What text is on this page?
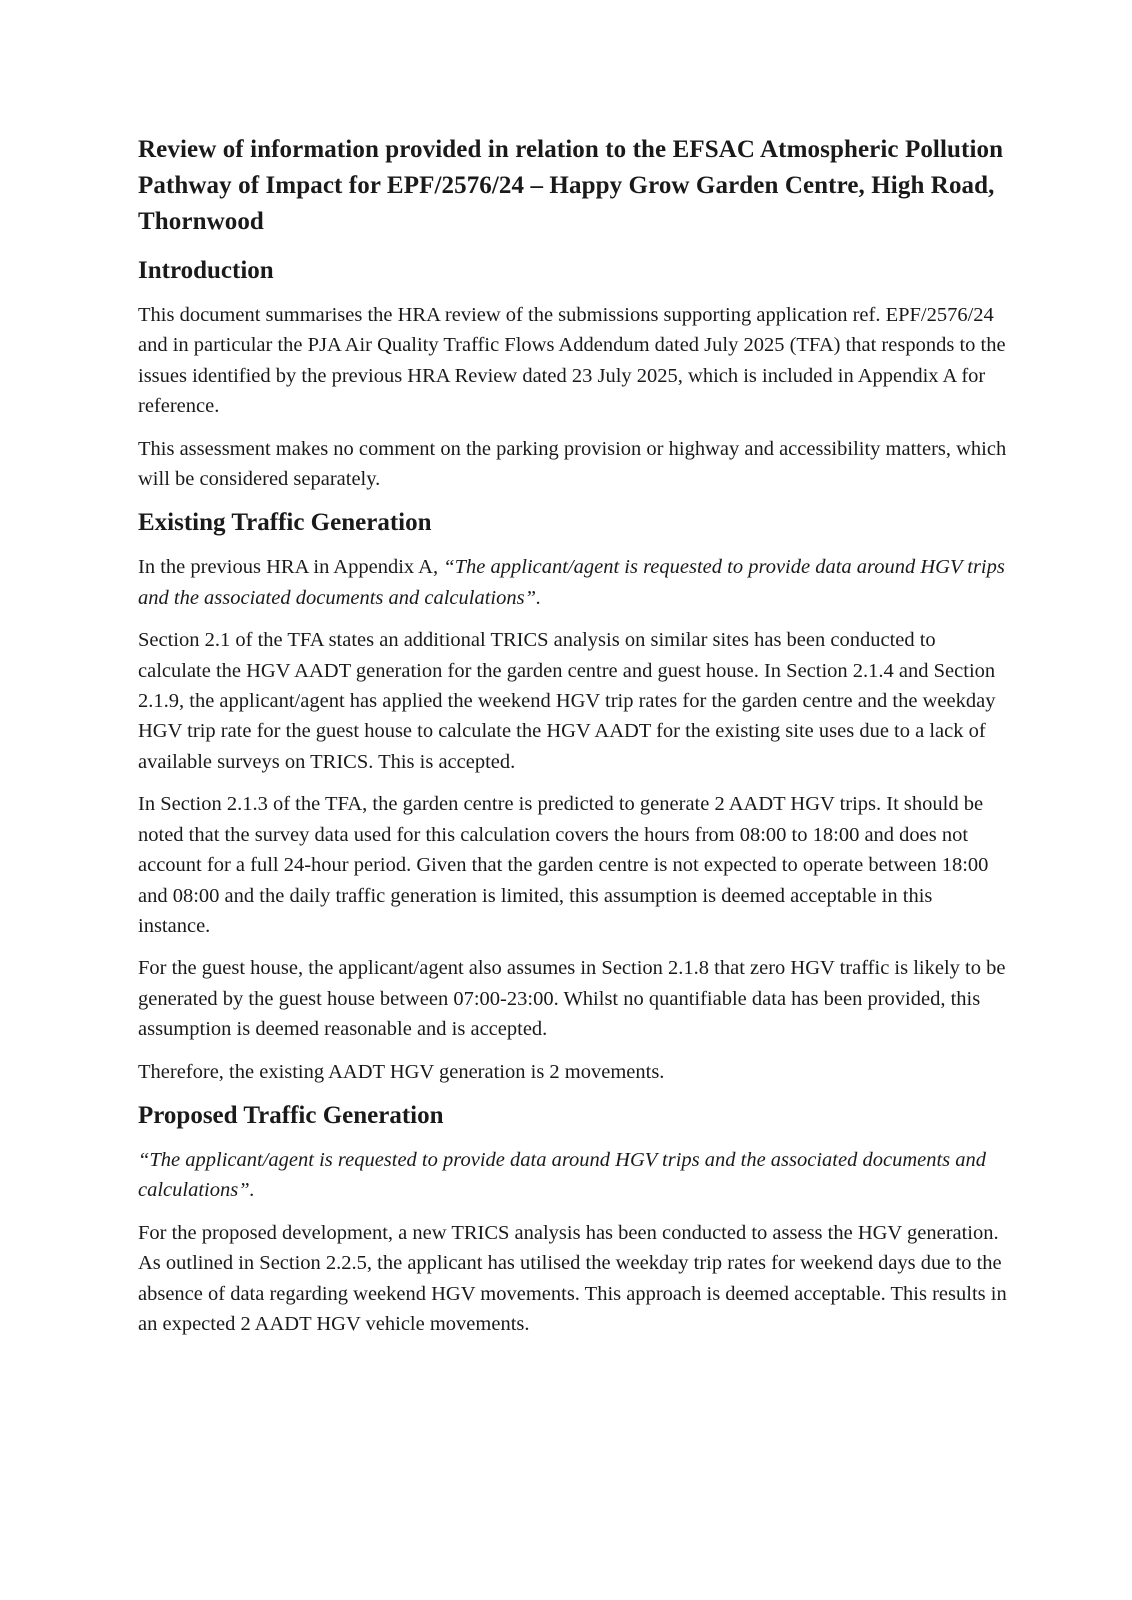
Review of information provided in relation to the EFSAC Atmospheric Pollution Pathway of Impact for EPF/2576/24 – Happy Grow Garden Centre, High Road, Thornwood
Introduction

This document summarises the HRA review of the submissions supporting application ref. EPF/2576/24 and in particular the PJA Air Quality Traffic Flows Addendum dated July 2025 (TFA) that responds to the issues identified by the previous HRA Review dated 23 July 2025, which is included in Appendix A for reference.

This assessment makes no comment on the parking provision or highway and accessibility matters, which will be considered separately.

Existing Traffic Generation

In the previous HRA in Appendix A, “The applicant/agent is requested to provide data around HGV trips and the associated documents and calculations”.

Section 2.1 of the TFA states an additional TRICS analysis on similar sites has been conducted to calculate the HGV AADT generation for the garden centre and guest house. In Section 2.1.4 and Section 2.1.9, the applicant/agent has applied the weekend HGV trip rates for the garden centre and the weekday HGV trip rate for the guest house to calculate the HGV AADT for the existing site uses due to a lack of available surveys on TRICS. This is accepted.

In Section 2.1.3 of the TFA, the garden centre is predicted to generate 2 AADT HGV trips. It should be noted that the survey data used for this calculation covers the hours from 08:00 to 18:00 and does not account for a full 24-hour period. Given that the garden centre is not expected to operate between 18:00 and 08:00 and the daily traffic generation is limited, this assumption is deemed acceptable in this instance.

For the guest house, the applicant/agent also assumes in Section 2.1.8 that zero HGV traffic is likely to be generated by the guest house between 07:00-23:00. Whilst no quantifiable data has been provided, this assumption is deemed reasonable and is accepted.

Therefore, the existing AADT HGV generation is 2 movements.

Proposed Traffic Generation

“The applicant/agent is requested to provide data around HGV trips and the associated documents and calculations”.

For the proposed development, a new TRICS analysis has been conducted to assess the HGV generation. As outlined in Section 2.2.5, the applicant has utilised the weekday trip rates for weekend days due to the absence of data regarding weekend HGV movements. This approach is deemed acceptable. This results in an expected 2 AADT HGV vehicle movements.
